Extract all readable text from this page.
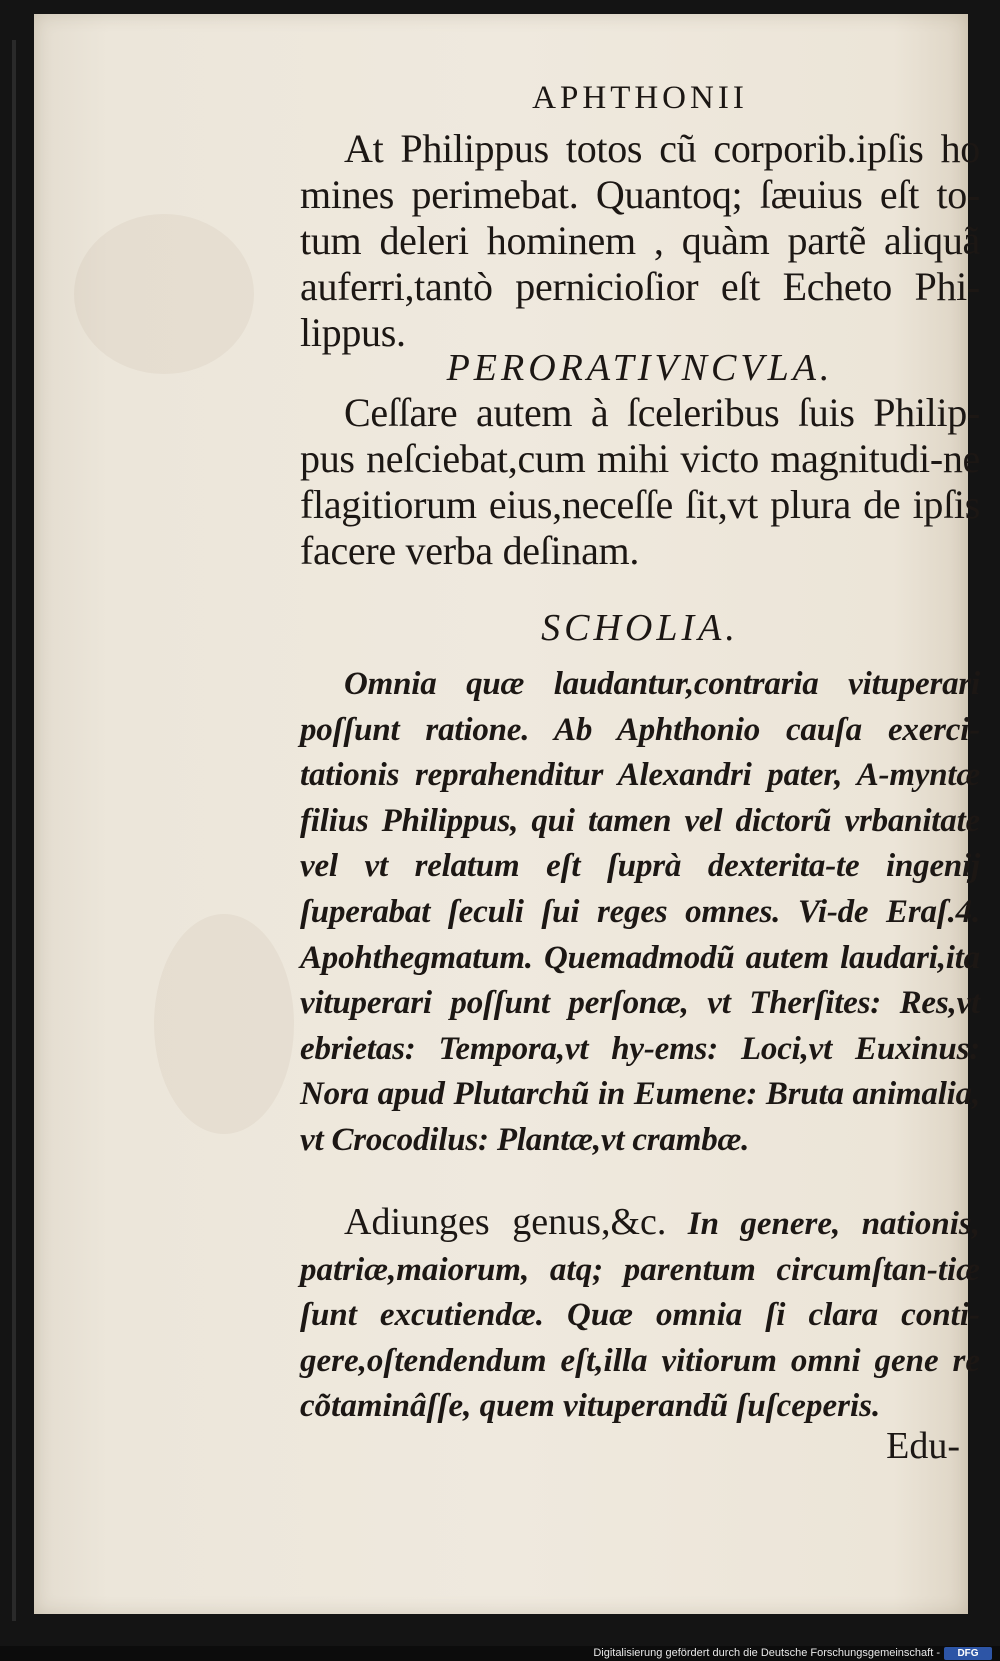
APHTHONII

At Philippus totos cũ corporib.ipſis ho mines perimebat. Quantoq; ſæuius eſt to-tum deleri hominem , quàm partẽ aliquã auferri,tantò pernicioſior eſt Echeto Phi-lippus.

PERORATIVNCVLA.

Ceſſare autem à ſceleribus ſuis Philip-pus neſciebat,cum mihi victo magnitudi-ne flagitiorum eius,neceſſe ſit,vt plura de ipſis facere verba deſinam.

SCHOLIA.

Omnia quæ laudantur,contraria vituperari poſſunt ratione. Ab Aphthonio cauſa exerci-tationis reprahenditur Alexandri pater, A-myntæ filius Philippus, qui tamen vel dictorũ vrbanitate vel vt relatum eſt ſuprà dexterita-te ingenij ſuperabat ſeculi ſui reges omnes. Vi-de Eraſ.4. Apohthegmatum. Quemadmodũ autem laudari,ita vituperari poſſunt perſonæ, vt Therſites: Res,vt ebrietas: Tempora,vt hy-ems: Loci,vt Euxinus: Nora apud Plutarchũ in Eumene: Bruta animalia, vt Crocodilus: Plantæ,vt crambæ.

Adiunges genus,&c. In genere, nationis, patriæ,maiorum, atq; parentum circumſtan-tiæ ſunt excutiendæ. Quæ omnia ſi clara conti-gere,oſtendendum eſt,illa vitiorum omni gene re cõtaminâſſe, quem vituperandũ ſuſceperis.

Edu-
Digitalisierung gefördert durch die Deutsche Forschungsgemeinschaft -	DFG
